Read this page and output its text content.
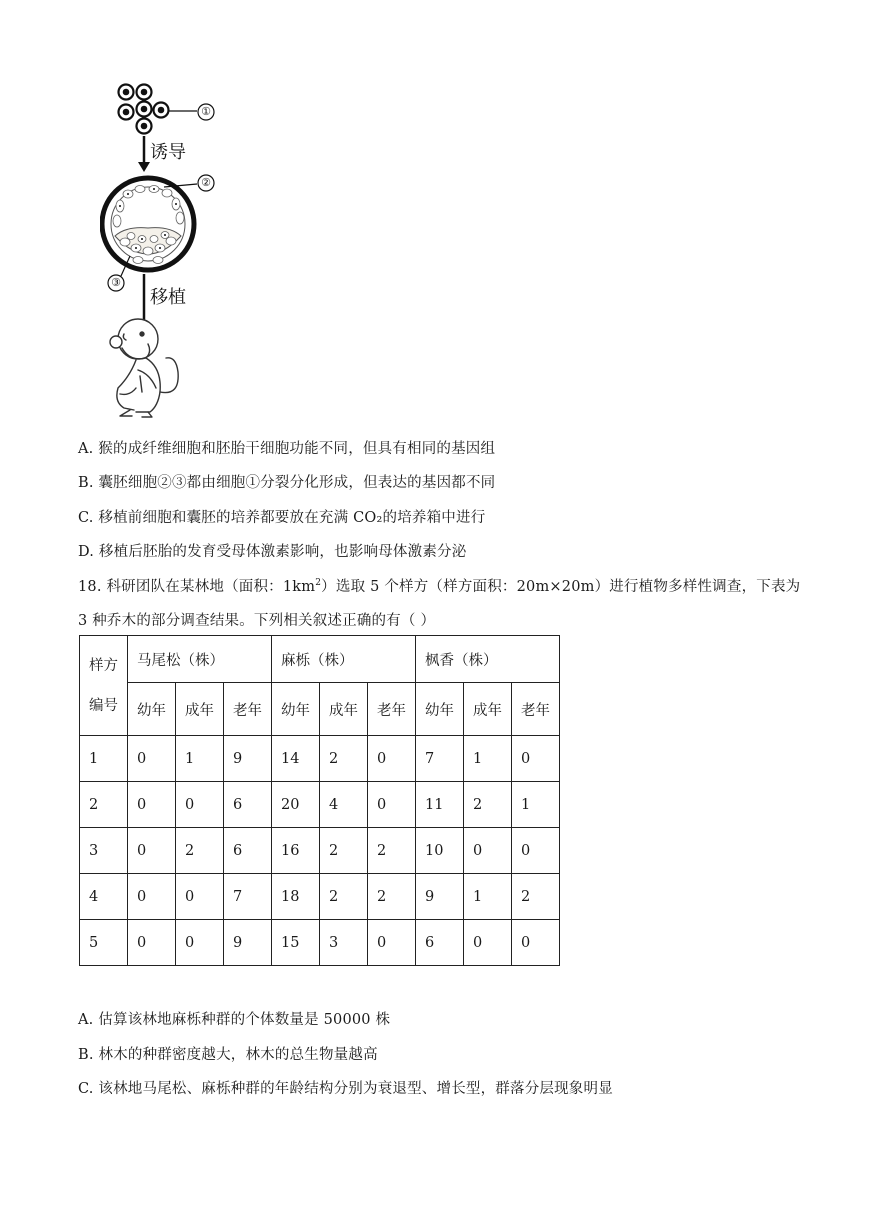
诱导
移植
①
②
③
A. 猴的成纤维细胞和胚胎干细胞功能不同，但具有相同的基因组
B. 囊胚细胞②③都由细胞①分裂分化形成，但表达的基因都不同
C. 移植前细胞和囊胚的培养都要放在充满 CO₂的培养箱中进行
D. 移植后胚胎的发育受母体激素影响，也影响母体激素分泌
18. 科研团队在某林地（面积：$1km^2$）选取 5 个样方（样方面积：20m×20m）进行植物多样性调查，下表为
3 种乔木的部分调查结果。下列相关叙述正确的有（ ）
样方
编号	马尾松（株）			麻栎（株）			枫香（株）		
	幼年	成年	老年	幼年	成年	老年	幼年	成年	老年
1	0	1	9	14	2	0	7	1	0
2	0	0	6	20	4	0	11	2	1
3	0	2	6	16	2	2	10	0	0
4	0	0	7	18	2	2	9	1	2
5	0	0	9	15	3	0	6	0	0
A. 估算该林地麻栎种群的个体数量是 50000 株
B. 林木的种群密度越大，林木的总生物量越高
C. 该林地马尾松、麻栎种群的年龄结构分别为衰退型、增长型，群落分层现象明显
